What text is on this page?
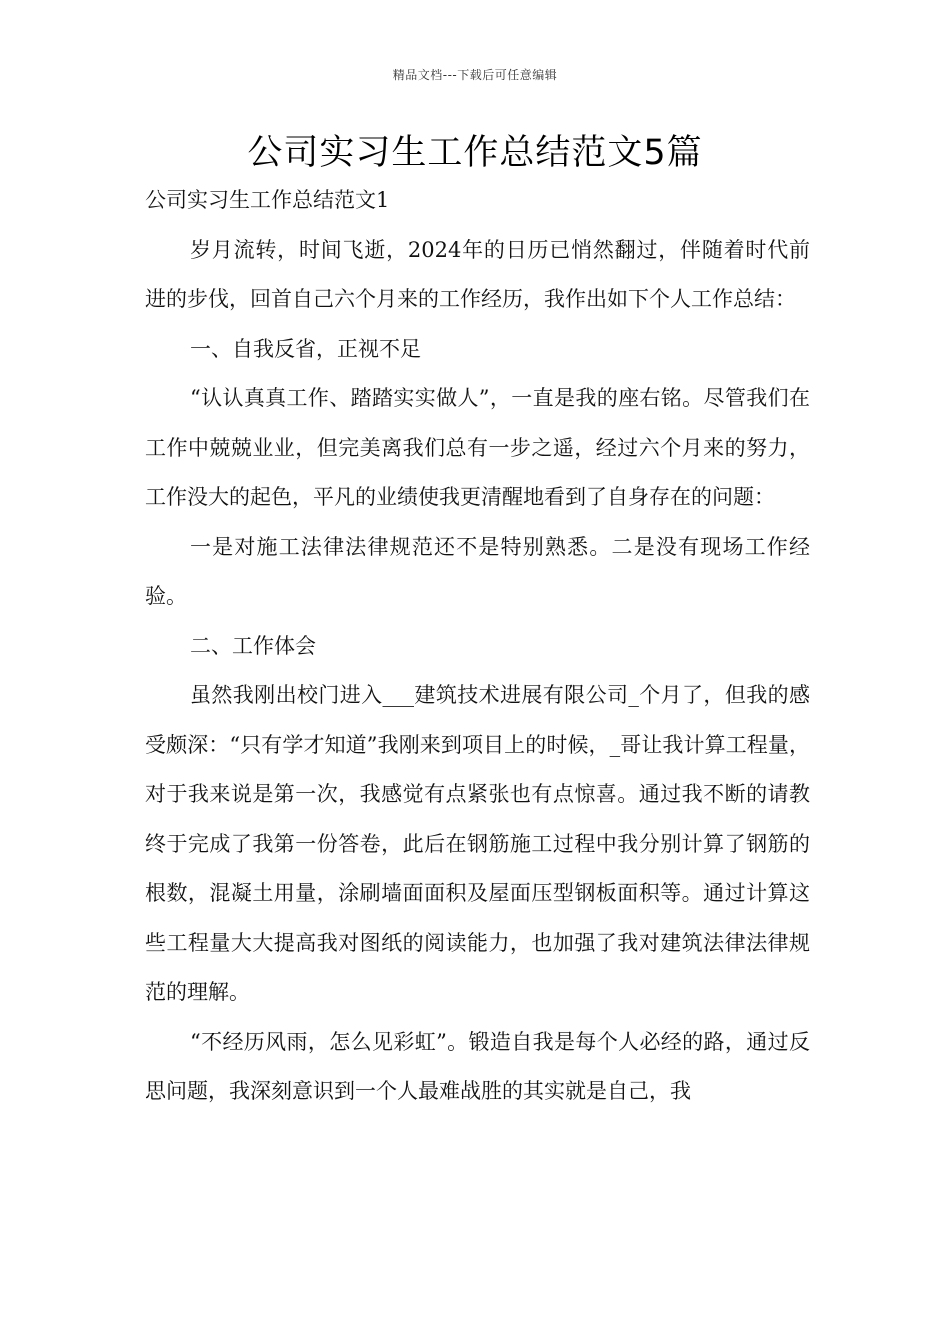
精品文档---下载后可任意编辑
公司实习生工作总结范文5篇

公司实习生工作总结范文1

岁月流转，时间飞逝，2024年的日历已悄然翻过，伴随着时代前进的步伐，回首自己六个月来的工作经历，我作出如下个人工作总结：

一、自我反省，正视不足

“认认真真工作、踏踏实实做人”，一直是我的座右铭。尽管我们在工作中兢兢业业，但完美离我们总有一步之遥，经过六个月来的努力，工作没大的起色，平凡的业绩使我更清醒地看到了自身存在的问题：

一是对施工法律法律规范还不是特别熟悉。二是没有现场工作经验。

二、工作体会

虽然我刚出校门进入___建筑技术进展有限公司_个月了，但我的感受颇深：“只有学才知道”我刚来到项目上的时候，_哥让我计算工程量，对于我来说是第一次，我感觉有点紧张也有点惊喜。通过我不断的请教终于完成了我第一份答卷，此后在钢筋施工过程中我分别计算了钢筋的根数，混凝土用量，涂刷墙面面积及屋面压型钢板面积等。通过计算这些工程量大大提高我对图纸的阅读能力，也加强了我对建筑法律法律规范的理解。

“不经历风雨，怎么见彩虹”。锻造自我是每个人必经的路，通过反思问题，我深刻意识到一个人最难战胜的其实就是自己，我
